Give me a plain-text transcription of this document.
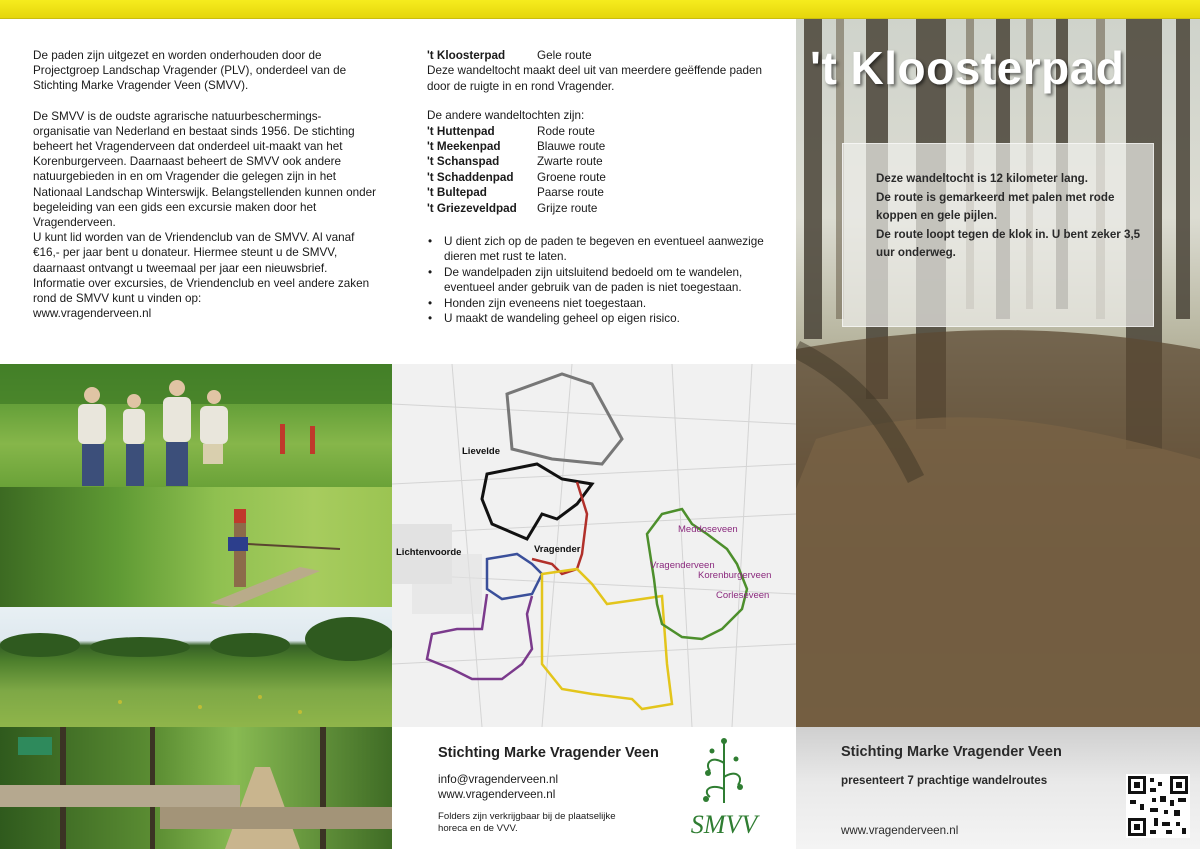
De paden zijn uitgezet en worden onderhouden door de Projectgroep Landschap Vragender (PLV), onderdeel van de Stichting Marke Vragender Veen (SMVV).

De SMVV is de oudste agrarische natuurbeschermings-organisatie van Nederland en bestaat sinds 1956. De stichting beheert het Vragenderveen dat onderdeel uit-maakt van het Korenburgerveen. Daarnaast beheert de SMVV ook andere natuurgebieden in en om Vragender die gelegen zijn in het Nationaal Landschap Winterswijk. Belangstellenden kunnen onder begeleiding van een gids een excursie maken door het Vragenderveen.

U kunt lid worden van de Vriendenclub van de SMVV. Al vanaf €16,- per jaar bent u donateur. Hiermee steunt u de SMVV, daarnaast ontvangt u tweemaal per jaar een nieuwsbrief.

Informatie over excursies, de Vriendenclub en veel andere zaken rond de SMVV kunt u vinden op:

www.vragenderveen.nl

't Kloosterpad	Gele route

Deze wandeltocht maakt deel uit van meerdere geëffende paden door de ruigte in en rond Vragender.

De andere wandeltochten zijn:

't Huttenpad	Rode route
't Meekenpad	Blauwe route
't Schanspad	Zwarte route
't Schaddenpad	Groene route
't Bultepad	Paarse route
't Griezeveldpad	Grijze route
• U dient zich op de paden te begeven en eventueel aanwezige dieren met rust te laten.
• De wandelpaden zijn uitsluitend bedoeld om te wandelen, eventueel ander gebruik van de paden is niet toegestaan.
• Honden zijn eveneens niet toegestaan.
• U maakt de wandeling geheel op eigen risico.
Lievelde
Lichtenvoorde	Vragender
Meddoseveen
Vragenderveen
Korenburgerveen
Corleseveen
Stichting Marke Vragender Veen
info@vragenderveen.nl
www.vragenderveen.nl
Folders zijn verkrijgbaar bij de plaatselijke horeca en de VVV.	SMVV
't Kloosterpad
Deze wandeltocht is 12 kilometer lang.
De route is gemarkeerd met palen met rode koppen en gele pijlen.
De route loopt tegen de klok in. U bent zeker 3,5 uur onderweg.
Stichting Marke Vragender Veen
presenteert 7 prachtige wandelroutes
www.vragenderveen.nl
